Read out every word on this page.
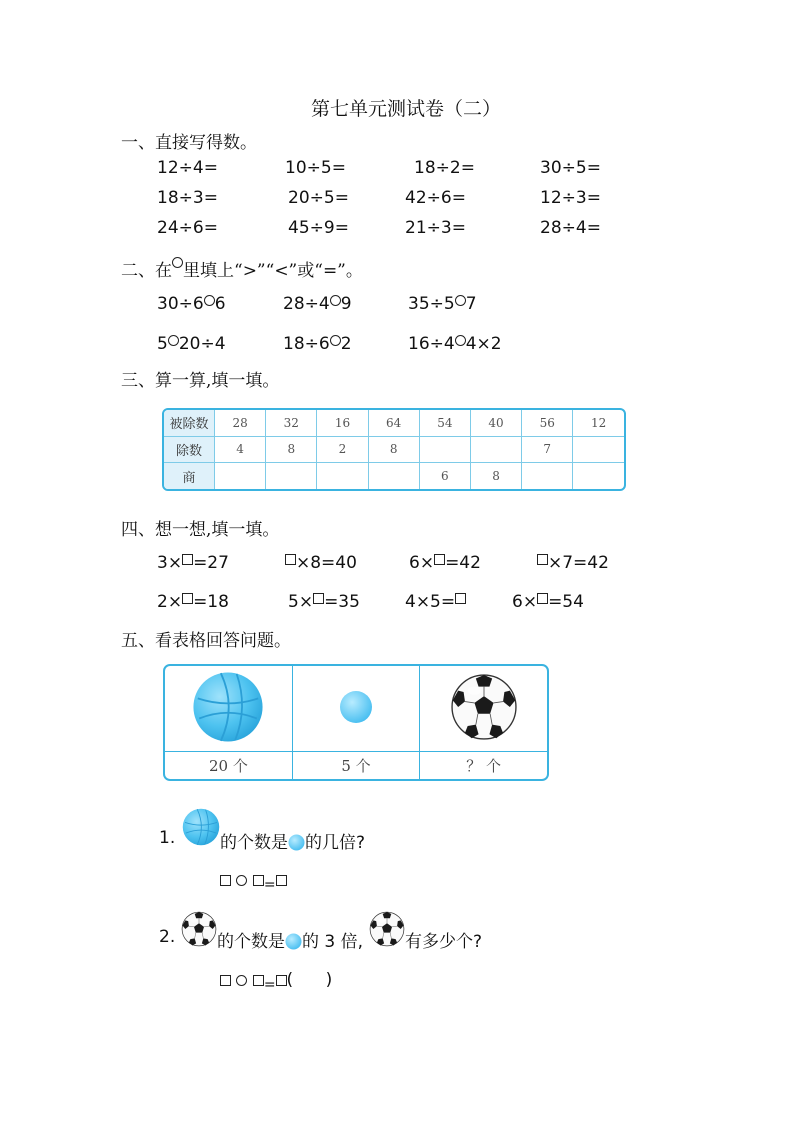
第七单元测试卷（二）
一、直接写得数。
12÷4=	10÷5=	18÷2=	30÷5=
18÷3=	20÷5=	42÷6=	12÷3=
24÷6=	45÷9=	21÷3=	28÷4=
二、在 里填上“>”“<”或“=”。
30÷6 6	28÷4 9	35÷5 7
5 20÷4	18÷6 2	16÷4 4×2
三、算一算,填一填。
被除数	28	32	16	64	54	40	56	12
除数	4	8	2	8			7	
商					6	8		
四、想一想,填一填。
3× =27	×8=40	6× =42	×7=42
2× =18	5× =35	4×5=	6× =54
五、看表格回答问题。

20 个	5 个	？ 个
1.	的个数是 的几倍?
$_=$
2. 的个数是 的 3 倍, 有多少个?
$_=$ (      )
